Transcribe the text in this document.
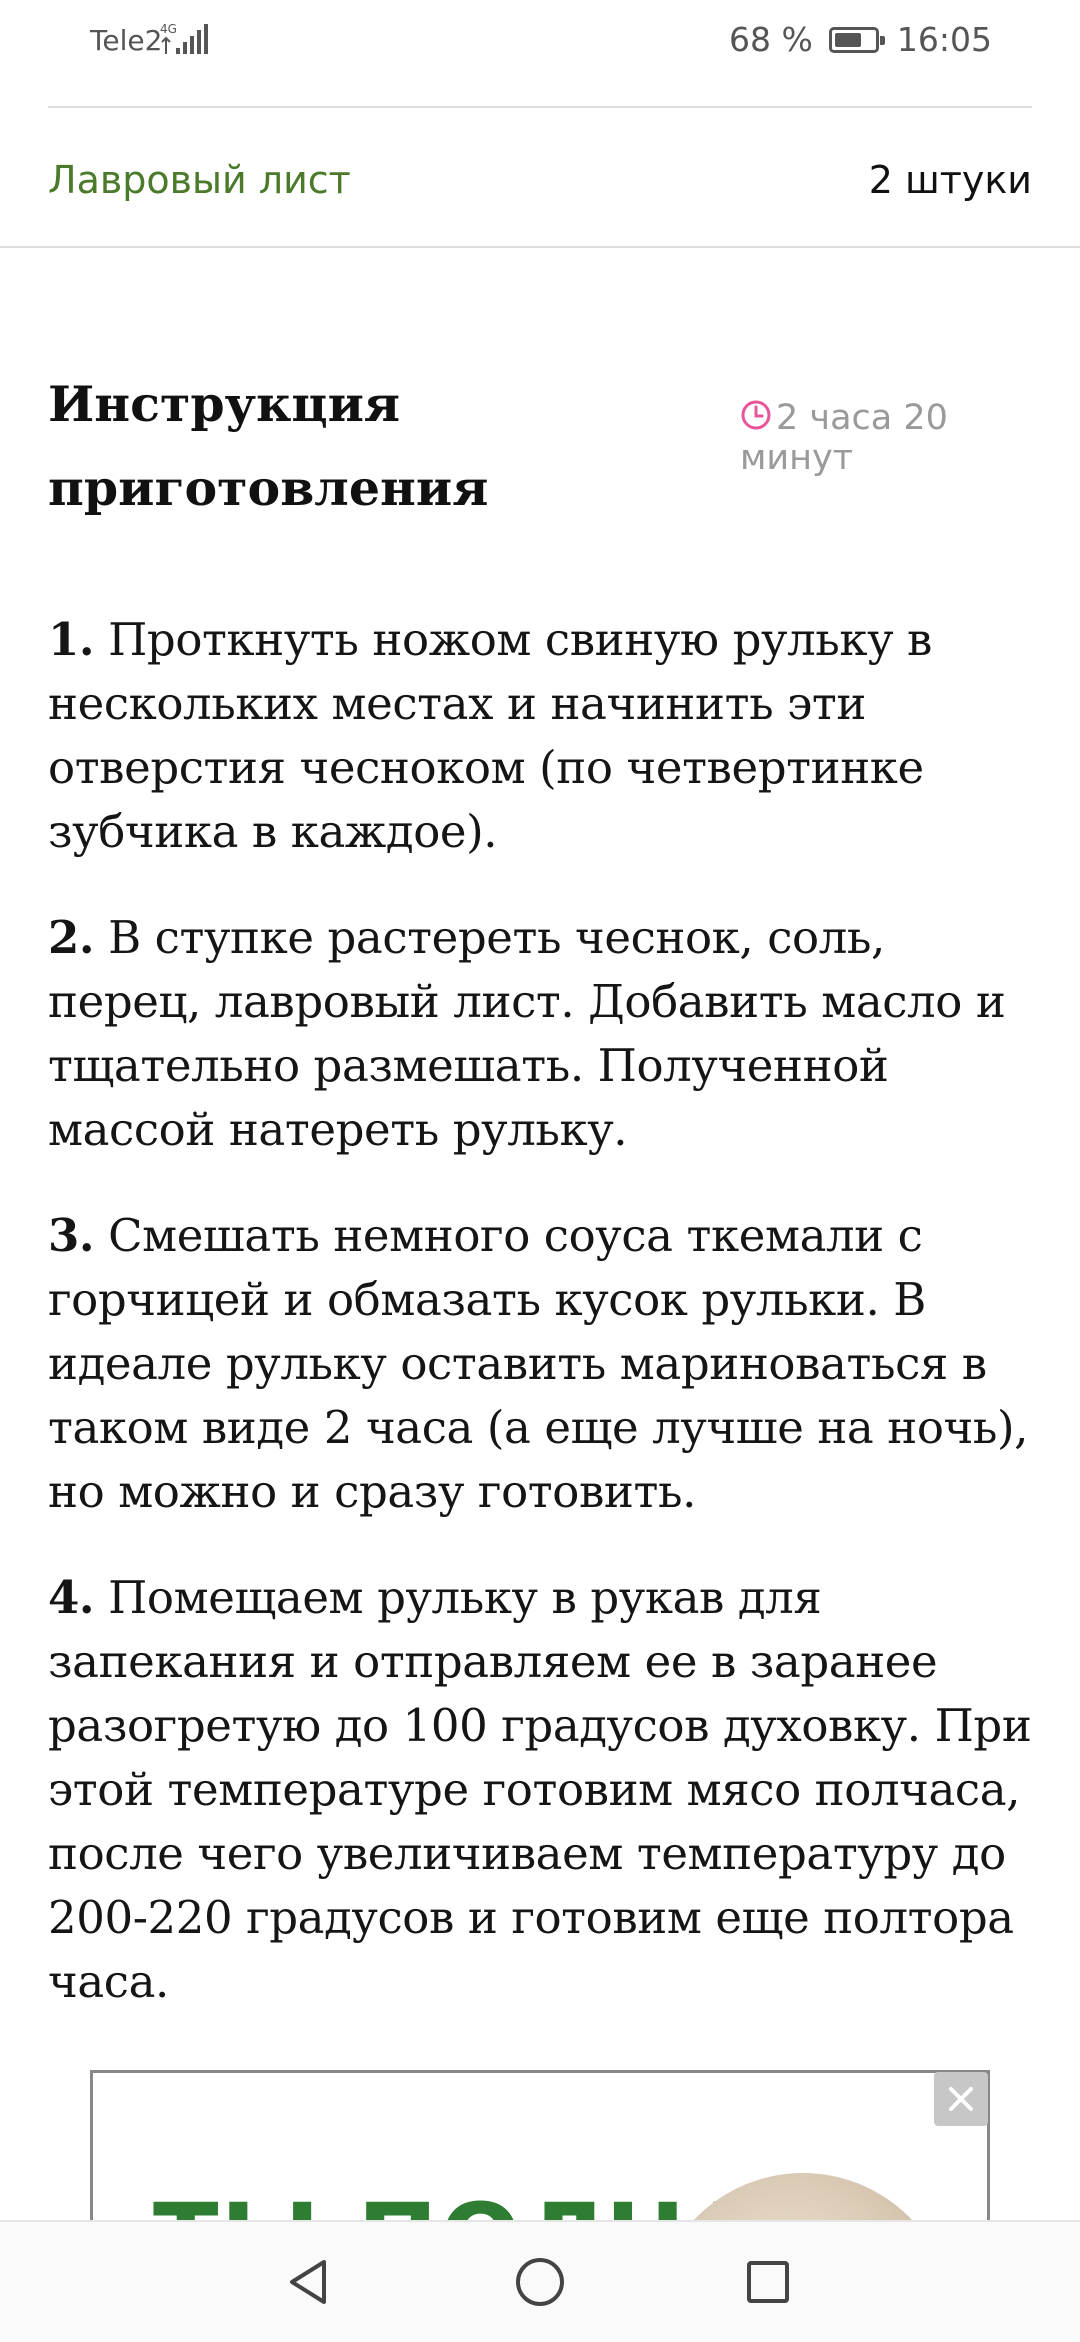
Tele2
4G	68 %	16:05
Лавровый лист	2 штуки
Инструкция
приготовления
2 часа 20 минут

1. Проткнуть ножом свиную рульку в нескольких местах и начинить эти отверстия чесноком (по четвертинке зубчика в каждое).

2. В ступке растереть чеснок, соль, перец, лавровый лист. Добавить масло и тщательно размешать. Полученной массой натереть рульку.

3. Смешать немного соуса ткемали с горчицей и обмазать кусок рульки. В идеале рульку оставить мариноваться в таком виде 2 часа (а еще лучше на ночь), но можно и сразу готовить.

4. Помещаем рульку в рукав для запекания и отправляем ее в заранее разогретую до 100 градусов духовку. При этой температуре готовим мясо полчаса, после чего увеличиваем температуру до 200-220 градусов и готовим еще полтора часа.
